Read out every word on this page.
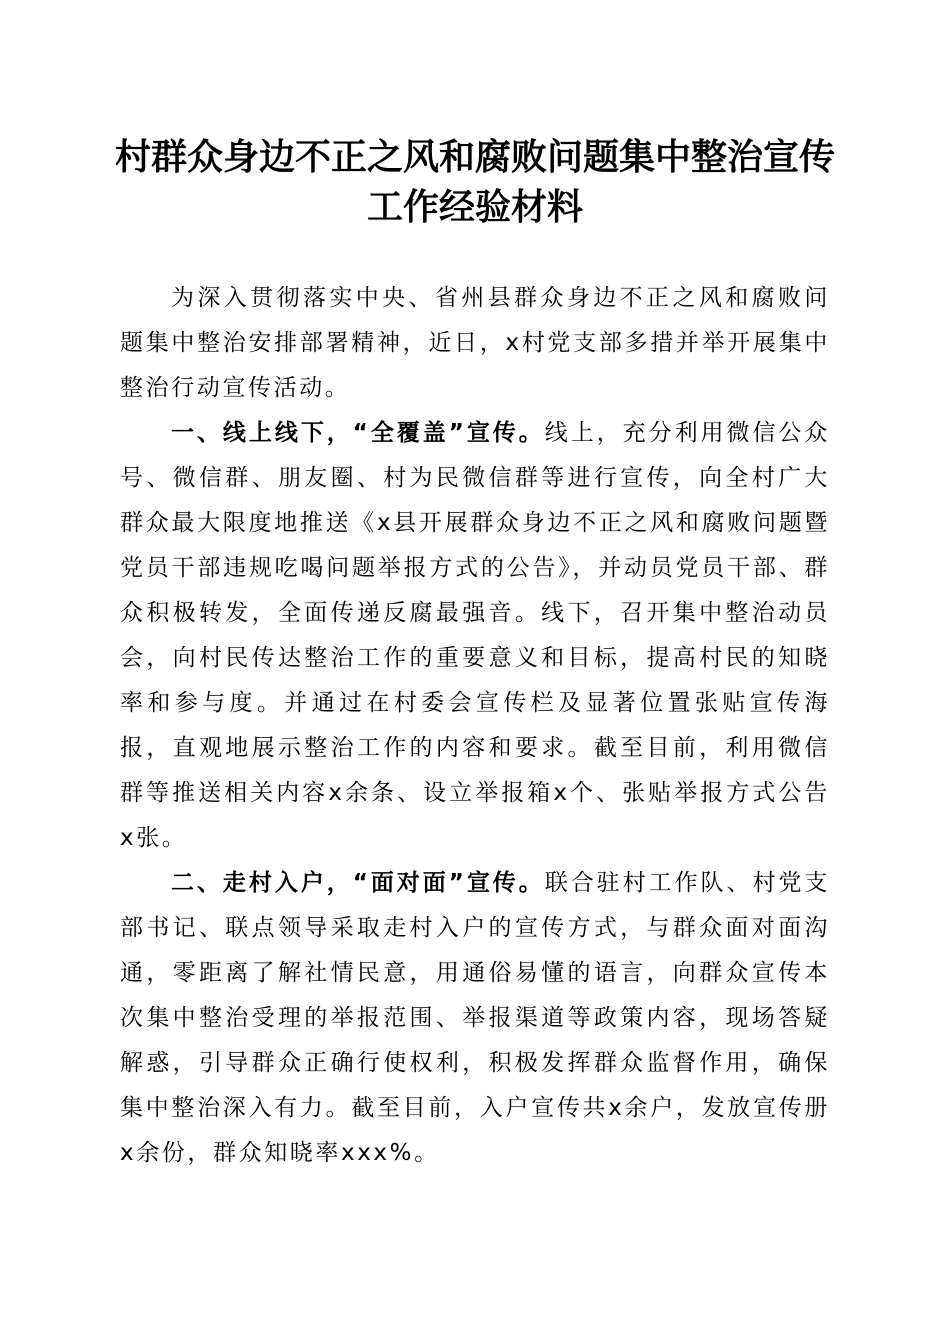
村群众身边不正之风和腐败问题集中整治宣传
工作经验材料

为深入贯彻落实中央、省州县群众身边不正之风和腐败问题集中整治安排部署精神，近日，x村党支部多措并举开展集中整治行动宣传活动。

一、线上线下，“全覆盖”宣传。线上，充分利用微信公众号、微信群、朋友圈、村为民微信群等进行宣传，向全村广大群众最大限度地推送《x县开展群众身边不正之风和腐败问题暨党员干部违规吃喝问题举报方式的公告》，并动员党员干部、群众积极转发，全面传递反腐最强音。线下，召开集中整治动员会，向村民传达整治工作的重要意义和目标，提高村民的知晓率和参与度。并通过在村委会宣传栏及显著位置张贴宣传海报，直观地展示整治工作的内容和要求。截至目前，利用微信群等推送相关内容x余条、设立举报箱x个、张贴举报方式公告x张。

二、走村入户，“面对面”宣传。联合驻村工作队、村党支部书记、联点领导采取走村入户的宣传方式，与群众面对面沟通，零距离了解社情民意，用通俗易懂的语言，向群众宣传本次集中整治受理的举报范围、举报渠道等政策内容，现场答疑解惑，引导群众正确行使权利，积极发挥群众监督作用，确保集中整治深入有力。截至目前，入户宣传共x余户，发放宣传册x余份，群众知晓率xxx%。
